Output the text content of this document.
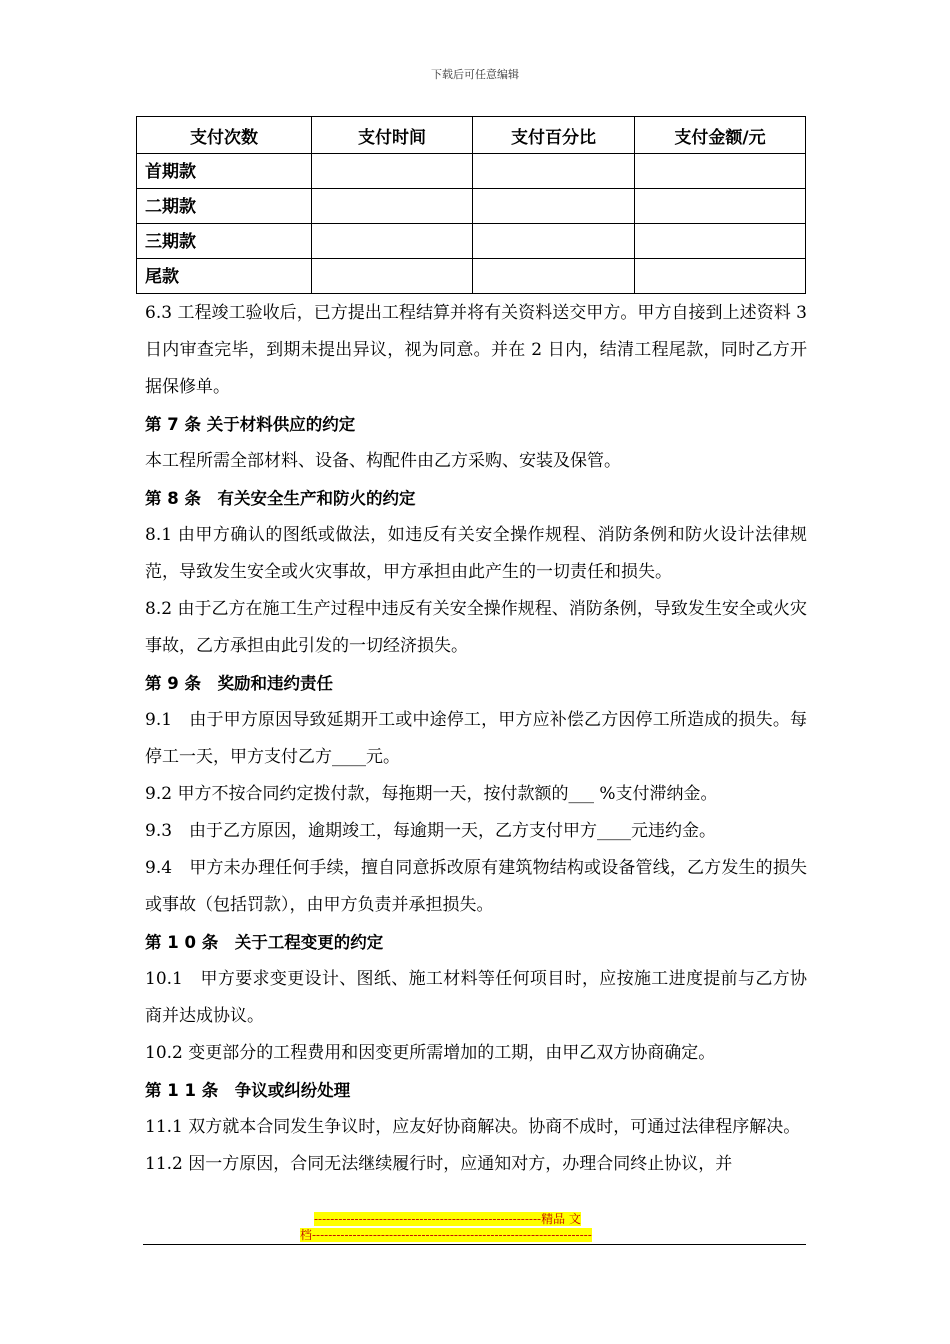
下载后可任意编辑
支付次数	支付时间	支付百分比	支付金额/元
首期款			
二期款			
三期款			
尾款			

6.3 工程竣工验收后，已方提出工程结算并将有关资料送交甲方。甲方自接到上述资料 3 日内审查完毕，到期未提出异议，视为同意。并在 2 日内，结清工程尾款，同时乙方开据保修单。

第 7 条 关于材料供应的约定

本工程所需全部材料、设备、构配件由乙方采购、安装及保管。

第 8 条　有关安全生产和防火的约定

8.1 由甲方确认的图纸或做法，如违反有关安全操作规程、消防条例和防火设计法律规范，导致发生安全或火灾事故，甲方承担由此产生的一切责任和损失。

8.2 由于乙方在施工生产过程中违反有关安全操作规程、消防条例，导致发生安全或火灾事故，乙方承担由此引发的一切经济损失。

第 9 条　奖励和违约责任

9.1　由于甲方原因导致延期开工或中途停工，甲方应补偿乙方因停工所造成的损失。每停工一天，甲方支付乙方____元。

9.2 甲方不按合同约定拨付款，每拖期一天，按付款额的___ %支付滞纳金。

9.3　由于乙方原因，逾期竣工，每逾期一天，乙方支付甲方____元违约金。

9.4　甲方未办理任何手续，擅自同意拆改原有建筑物结构或设备管线，乙方发生的损失或事故（包括罚款），由甲方负责并承担损失。

第 1 0 条　关于工程变更的约定

10.1　甲方要求变更设计、图纸、施工材料等任何项目时，应按施工进度提前与乙方协商并达成协议。

10.2 变更部分的工程费用和因变更所需增加的工期，由甲乙双方协商确定。

第 1 1 条　争议或纠纷处理

11.1 双方就本合同发生争议时，应友好协商解决。协商不成时，可通过法律程序解决。

11.2 因一方原因，合同无法继续履行时，应通知对方，办理合同终止协议，并

--------------------------------------------------------精品 文
档---------------------------------------------------------------------
